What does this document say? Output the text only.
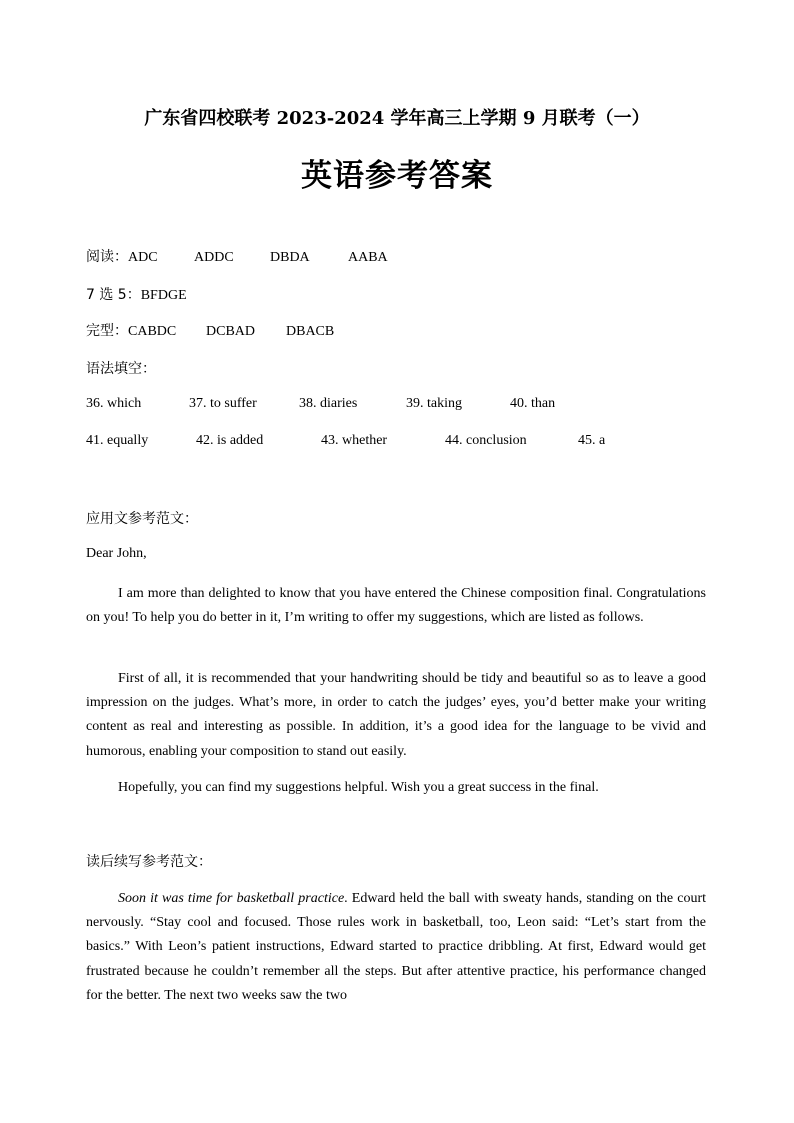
广东省四校联考 2023-2024 学年高三上学期 9 月联考（一）
英语参考答案
阅读：ADC	ADDC	DBDA	AABA
7 选 5：BFDGE
完型：CABDC DCBAD DBACB
语法填空：
36. which	37. to suffer	38. diaries	39. taking	40. than
41. equally	42. is added	43. whether	44. conclusion	45. a
应用文参考范文：
Dear John,
I am more than delighted to know that you have entered the Chinese composition final. Congratulations on you! To help you do better in it, I’m writing to offer my suggestions, which are listed as follows.
First of all, it is recommended that your handwriting should be tidy and beautiful so as to leave a good impression on the judges. What’s more, in order to catch the judges’ eyes, you’d better make your writing content as real and interesting as possible. In addition, it’s a good idea for the language to be vivid and humorous, enabling your composition to stand out easily.
Hopefully, you can find my suggestions helpful. Wish you a great success in the final.
读后续写参考范文：
Soon it was time for basketball practice. Edward held the ball with sweaty hands, standing on the court nervously. “Stay cool and focused. Those rules work in basketball, too, Leon said: “Let’s start from the basics.” With Leon’s patient instructions, Edward started to practice dribbling. At first, Edward would get frustrated because he couldn’t remember all the steps. But after attentive practice, his performance changed for the better. The next two weeks saw the two
